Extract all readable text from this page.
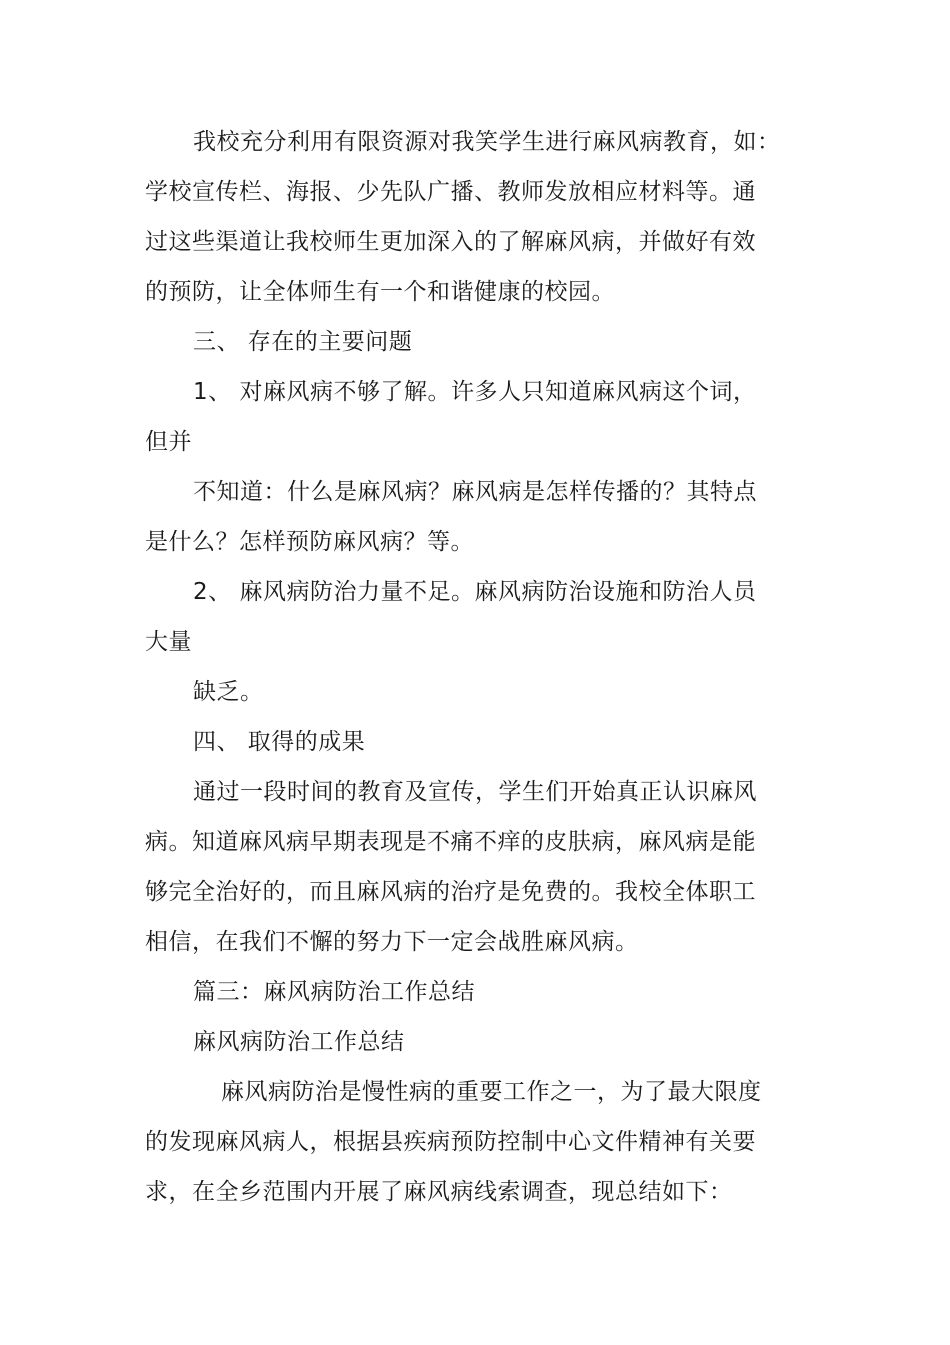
我校充分利用有限资源对我笑学生进行麻风病教育，如：
学校宣传栏、海报、少先队广播、教师发放相应材料等。通
过这些渠道让我校师生更加深入的了解麻风病，并做好有效
的预防，让全体师生有一个和谐健康的校园。
三、 存在的主要问题
1、 对麻风病不够了解。许多人只知道麻风病这个词，
但并
不知道：什么是麻风病？麻风病是怎样传播的？其特点
是什么？怎样预防麻风病？等。
2、 麻风病防治力量不足。麻风病防治设施和防治人员
大量
缺乏。
四、 取得的成果
通过一段时间的教育及宣传，学生们开始真正认识麻风
病。知道麻风病早期表现是不痛不痒的皮肤病，麻风病是能
够完全治好的，而且麻风病的治疗是免费的。我校全体职工
相信，在我们不懈的努力下一定会战胜麻风病。
篇三：麻风病防治工作总结
麻风病防治工作总结
麻风病防治是慢性病的重要工作之一，为了最大限度
的发现麻风病人，根据县疾病预防控制中心文件精神有关要
求，在全乡范围内开展了麻风病线索调查，现总结如下：
